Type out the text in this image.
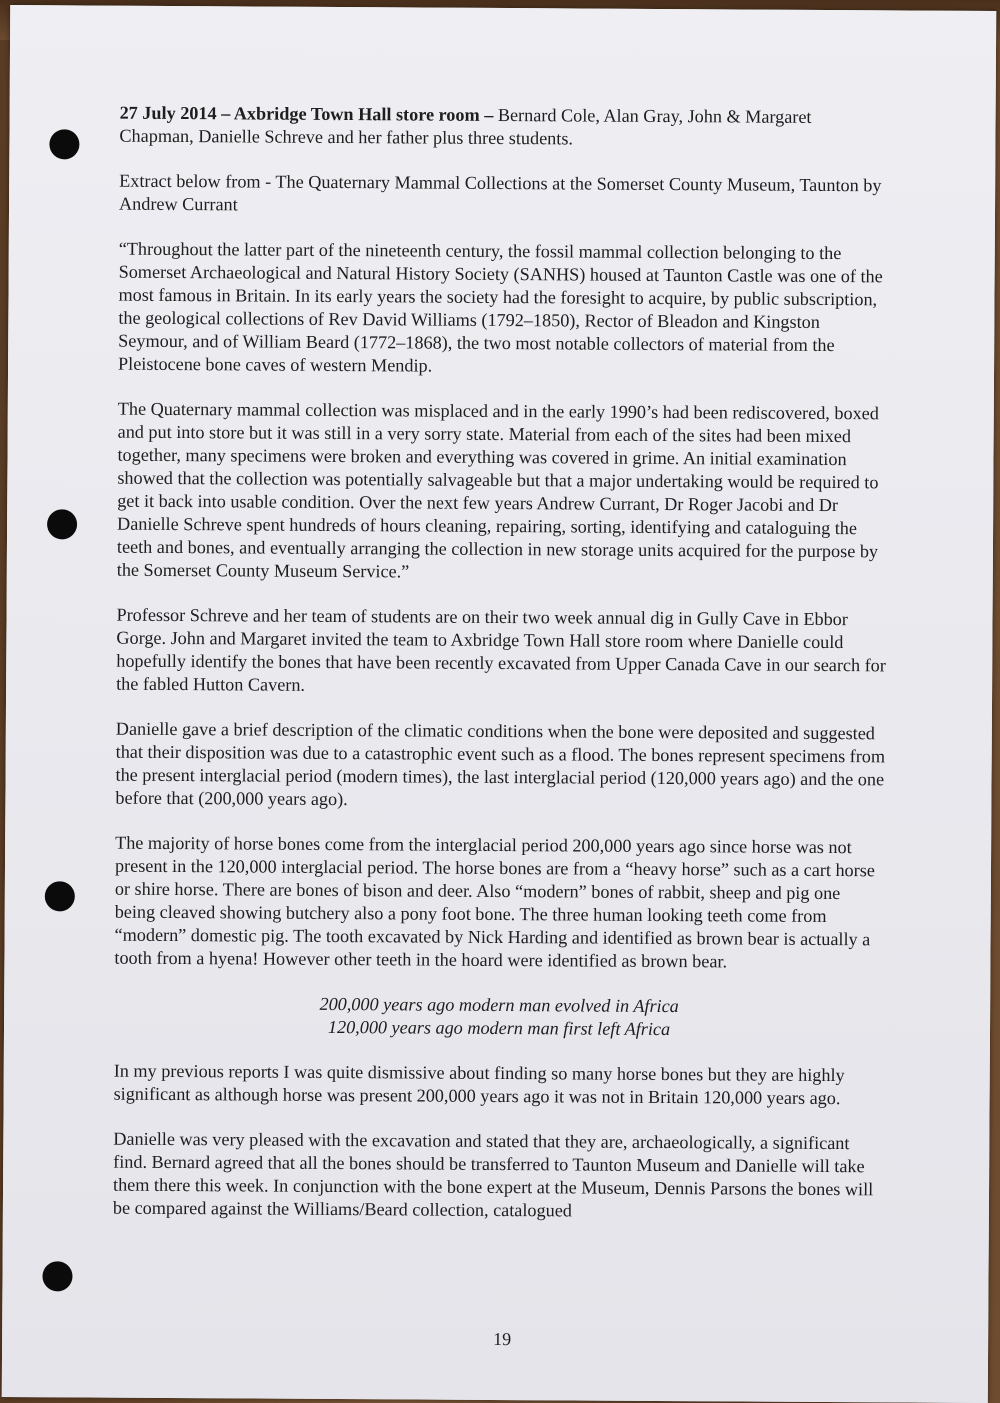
27 July 2014 – Axbridge Town Hall store room – Bernard Cole, Alan Gray, John & Margaret Chapman, Danielle Schreve and her father plus three students.

Extract below from - The Quaternary Mammal Collections at the Somerset County Museum, Taunton by Andrew Currant

“Throughout the latter part of the nineteenth century, the fossil mammal collection belonging to the Somerset Archaeological and Natural History Society (SANHS) housed at Taunton Castle was one of the most famous in Britain. In its early years the society had the foresight to acquire, by public subscription, the geological collections of Rev David Williams (1792–1850), Rector of Bleadon and Kingston Seymour, and of William Beard (1772–1868), the two most notable collectors of material from the Pleistocene bone caves of western Mendip.

The Quaternary mammal collection was misplaced and in the early 1990’s had been rediscovered, boxed and put into store but it was still in a very sorry state. Material from each of the sites had been mixed together, many specimens were broken and everything was covered in grime. An initial examination showed that the collection was potentially salvageable but that a major undertaking would be required to get it back into usable condition. Over the next few years Andrew Currant, Dr Roger Jacobi and Dr Danielle Schreve spent hundreds of hours cleaning, repairing, sorting, identifying and cataloguing the teeth and bones, and eventually arranging the collection in new storage units acquired for the purpose by the Somerset County Museum Service.”

Professor Schreve and her team of students are on their two week annual dig in Gully Cave in Ebbor Gorge. John and Margaret invited the team to Axbridge Town Hall store room where Danielle could hopefully identify the bones that have been recently excavated from Upper Canada Cave in our search for the fabled Hutton Cavern.

Danielle gave a brief description of the climatic conditions when the bone were deposited and suggested that their disposition was due to a catastrophic event such as a flood. The bones represent specimens from the present interglacial period (modern times), the last interglacial period (120,000 years ago) and the one before that (200,000 years ago).

The majority of horse bones come from the interglacial period 200,000 years ago since horse was not present in the 120,000 interglacial period. The horse bones are from a “heavy horse” such as a cart horse or shire horse. There are bones of bison and deer. Also “modern” bones of rabbit, sheep and pig one being cleaved showing butchery also a pony foot bone. The three human looking teeth come from “modern” domestic pig. The tooth excavated by Nick Harding and identified as brown bear is actually a tooth from a hyena! However other teeth in the hoard were identified as brown bear.

200,000 years ago modern man evolved in Africa
120,000 years ago modern man first left Africa

In my previous reports I was quite dismissive about finding so many horse bones but they are highly significant as although horse was present 200,000 years ago it was not in Britain 120,000 years ago.

Danielle was very pleased with the excavation and stated that they are, archaeologically, a significant find. Bernard agreed that all the bones should be transferred to Taunton Museum and Danielle will take them there this week. In conjunction with the bone expert at the Museum, Dennis Parsons the bones will be compared against the Williams/Beard collection, catalogued

19
